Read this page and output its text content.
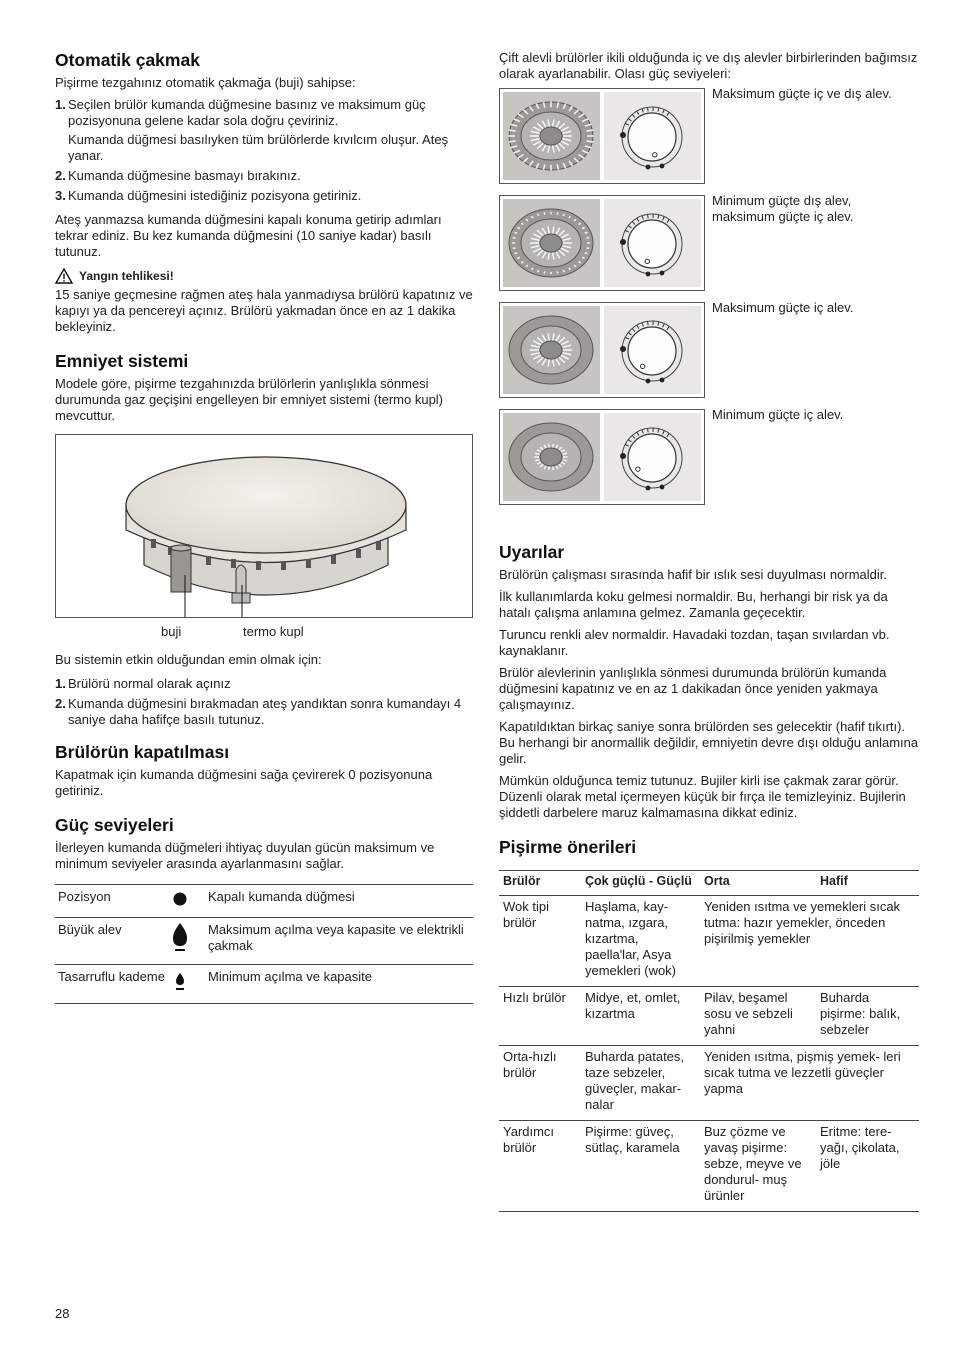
Otomatik çakmak

Pişirme tezgahınız otomatik çakmağa (buji) sahipse:

1. Seçilen brülör kumanda düğmesine basınız ve maksimum güç pozisyonuna gelene kadar sola doğru çeviriniz.
Kumanda düğmesi basılıyken tüm brülörlerde kıvılcım oluşur. Ateş yanar.
2. Kumanda düğmesine basmayı bırakınız.
3. Kumanda düğmesini istediğiniz pozisyona getiriniz.

Ateş yanmazsa kumanda düğmesini kapalı konuma getirip adımları tekrar ediniz. Bu kez kumanda düğmesini (10 saniye kadar) basılı tutunuz.

Yangın tehlikesi!

15 saniye geçmesine rağmen ateş hala yanmadıysa brülörü kapatınız ve kapıyı ya da pencereyi açınız. Brülörü yakmadan önce en az 1 dakika bekleyiniz.

Emniyet sistemi

Modele göre, pişirme tezgahınızda brülörlerin yanlışlıkla sönmesi durumunda gaz geçişini engelleyen bir emniyet sistemi (termo kupl) mevcuttur.

buji	termo kupl

Bu sistemin etkin olduğundan emin olmak için:

1. Brülörü normal olarak açınız
2. Kumanda düğmesini bırakmadan ateş yandıktan sonra kumandayı 4 saniye daha hafifçe basılı tutunuz.
Brülörün kapatılması

Kapatmak için kumanda düğmesini sağa çevirerek 0 pozisyonuna getiriniz.

Güç seviyeleri

İlerleyen kumanda düğmeleri ihtiyaç duyulan gücün maksimum ve minimum seviyeler arasında ayarlanmasını sağlar.

Pozisyon		Kapalı kumanda düğmesi
Büyük alev		Maksimum açılma veya kapasite ve elektrikli çakmak
Tasarruflu kademe		Minimum açılma ve kapasite

Çift alevli brülörler ikili olduğunda iç ve dış alevler birbirlerinden bağımsız olarak ayarlanabilir. Olası güç seviyeleri:

Maksimum güçte iç ve dış alev.
Minimum güçte dış alev, maksimum güçte iç alev.
Maksimum güçte iç alev.
Minimum güçte iç alev.
Uyarılar

Brülörün çalışması sırasında hafif bir ıslık sesi duyulması normaldir.

İlk kullanımlarda koku gelmesi normaldir. Bu, herhangi bir risk ya da hatalı çalışma anlamına gelmez. Zamanla geçecektir.

Turuncu renkli alev normaldir. Havadaki tozdan, taşan sıvılardan vb. kaynaklanır.

Brülör alevlerinin yanlışlıkla sönmesi durumunda brülörün kumanda düğmesini kapatınız ve en az 1 dakikadan önce yeniden yakmaya çalışmayınız.

Kapatıldıktan birkaç saniye sonra brülörden ses gelecektir (hafif tıkırtı). Bu herhangi bir anormallik değildir, emniyetin devre dışı olduğu anlamına gelir.

Mümkün olduğunca temiz tutunuz. Bujiler kirli ise çakmak zarar görür. Düzenli olarak metal içermeyen küçük bir fırça ile temizleyiniz. Bujilerin şiddetli darbelere maruz kalmamasına dikkat ediniz.

Pişirme önerileri
Brülör	Çok güçlü - Güçlü	Orta	Hafif
Wok tipi brülör	Haşlama, kay- natma, ızgara, kızartma, paella'lar, Asya yemekleri (wok)	Yeniden ısıtma ve yemekleri sıcak tutma: hazır yemekler, önceden pişirilmiş yemekler	
Hızlı brülör	Midye, et, omlet, kızartma	Pilav, beşamel sosu ve sebzeli yahni	Buharda pişirme: balık, sebzeler
Orta-hızlı brülör	Buharda patates, taze sebzeler, güveçler, makar- nalar	Yeniden ısıtma, pişmiş yemek- leri sıcak tutma ve lezzetli güveçler yapma	
Yardımcı brülör	Pişirme: güveç, sütlaç, karamela	Buz çözme ve yavaş pişirme: sebze, meyve ve dondurul- muş ürünler	Eritme: tere- yağı, çikolata, jöle
28
